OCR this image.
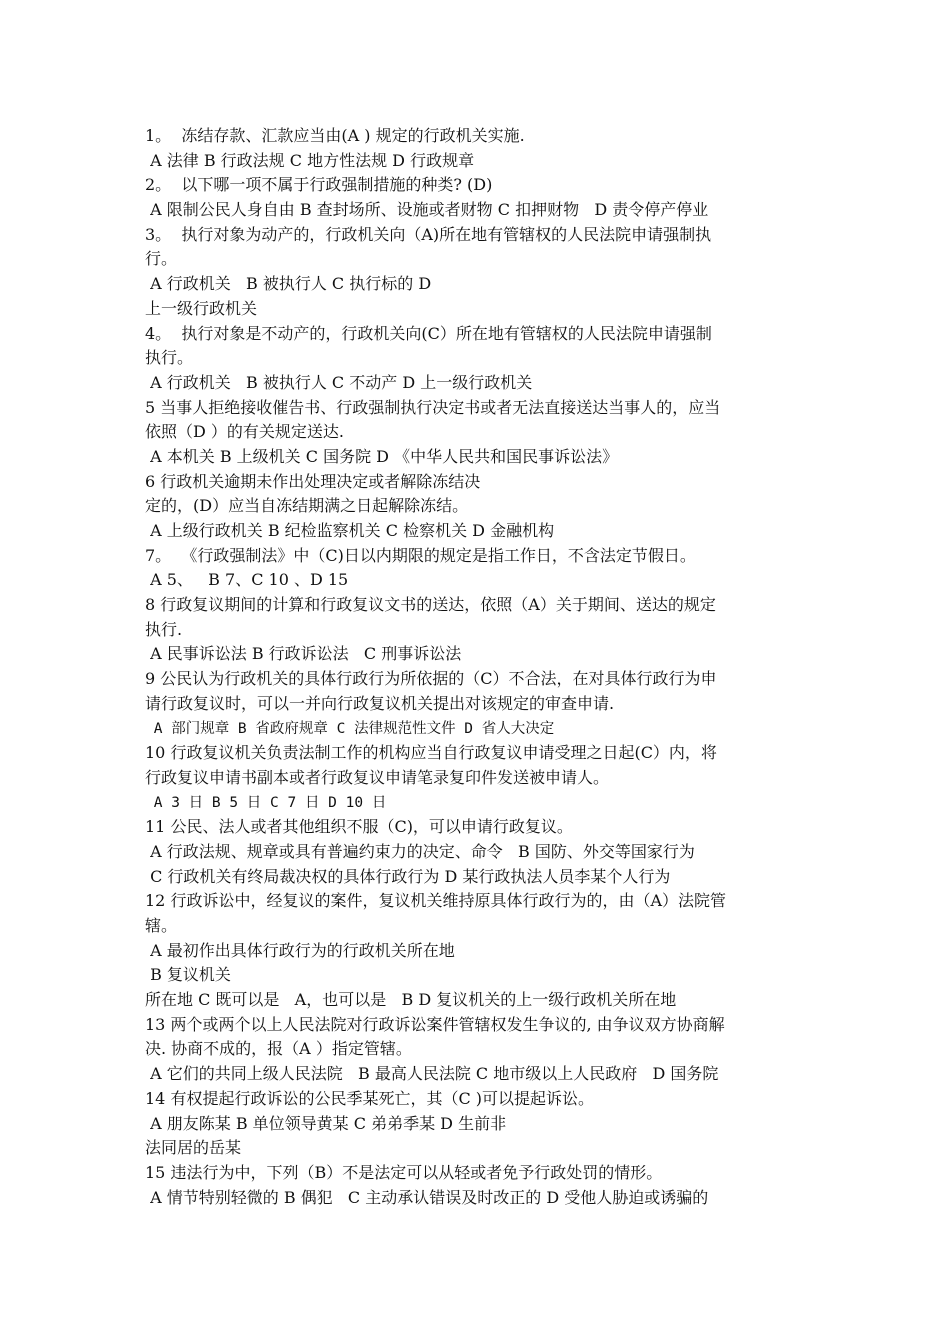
1。  冻结存款、汇款应当由(A ) 规定的行政机关实施.
A 法律 B 行政法规 C 地方性法规 D 行政规章
2。  以下哪一项不属于行政强制措施的种类? (D)
A 限制公民人身自由 B 查封场所、设施或者财物 C 扣押财物   D 责令停产停业
3。  执行对象为动产的，行政机关向（A)所在地有管辖权的人民法院申请强制执
行。
A 行政机关   B 被执行人 C 执行标的 D
上一级行政机关
4。  执行对象是不动产的，行政机关向(C）所在地有管辖权的人民法院申请强制
执行。
A 行政机关   B 被执行人 C 不动产 D 上一级行政机关
5 当事人拒绝接收催告书、行政强制执行决定书或者无法直接送达当事人的，应当
依照（D ）的有关规定送达.
A 本机关 B 上级机关 C 国务院 D 《中华人民共和国民事诉讼法》
6 行政机关逾期未作出处理决定或者解除冻结决
定的，(D）应当自冻结期满之日起解除冻结。
A 上级行政机关 B 纪检监察机关 C 检察机关 D 金融机构
7。  《行政强制法》中（C)日以内期限的规定是指工作日，不含法定节假日。
A 5、   B 7、C 10 、D 15
8 行政复议期间的计算和行政复议文书的送达，依照（A）关于期间、送达的规定
执行.
A 民事诉讼法 B 行政诉讼法   C 刑事诉讼法
9 公民认为行政机关的具体行政行为所依据的（C）不合法，在对具体行政行为申
请行政复议时，可以一并向行政复议机关提出对该规定的审查申请.
A 部门规章 B 省政府规章 C 法律规范性文件 D 省人大决定
10 行政复议机关负责法制工作的机构应当自行政复议申请受理之日起(C）内，将
行政复议申请书副本或者行政复议申请笔录复印件发送被申请人。
A 3 日 B 5 日 C 7 日 D 10 日
11 公民、法人或者其他组织不服（C)，可以申请行政复议。
A 行政法规、规章或具有普遍约束力的决定、命令   B 国防、外交等国家行为
C 行政机关有终局裁决权的具体行政行为 D 某行政执法人员李某个人行为
12 行政诉讼中，经复议的案件，复议机关维持原具体行政行为的，由（A）法院管
辖。
A 最初作出具体行政行为的行政机关所在地
B 复议机关
所在地 C 既可以是   A，也可以是   B D 复议机关的上一级行政机关所在地
13 两个或两个以上人民法院对行政诉讼案件管辖权发生争议的, 由争议双方协商解
决. 协商不成的，报（A ）指定管辖。
A 它们的共同上级人民法院   B 最高人民法院 C 地市级以上人民政府   D 国务院
14 有权提起行政诉讼的公民季某死亡，其（C )可以提起诉讼。
A 朋友陈某 B 单位领导黄某 C 弟弟季某 D 生前非
法同居的岳某
15 违法行为中，下列（B）不是法定可以从轻或者免予行政处罚的情形。
A 情节特别轻微的 B 偶犯   C 主动承认错误及时改正的 D 受他人胁迫或诱骗的
